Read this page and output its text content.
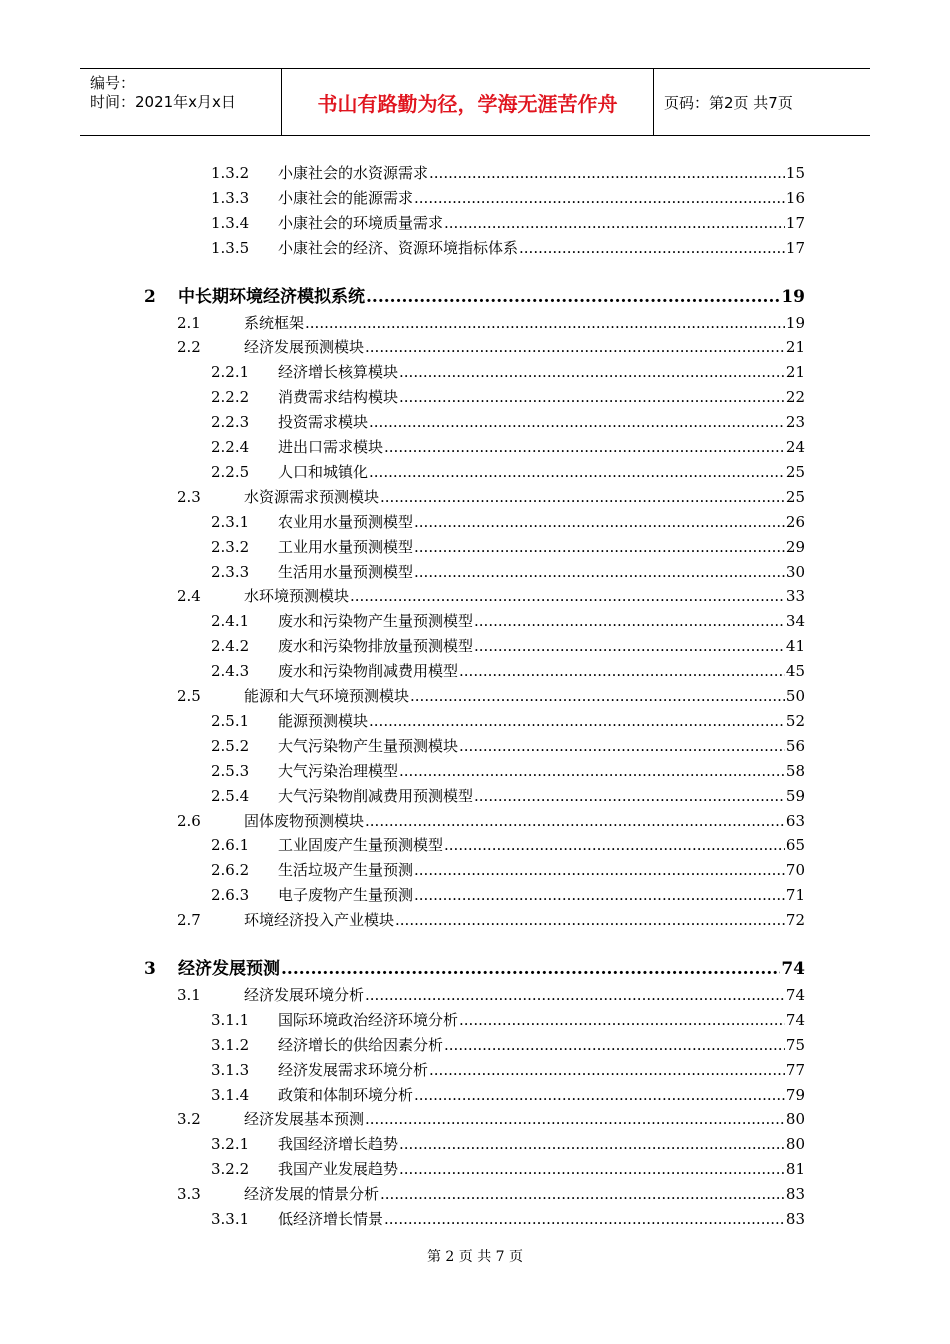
编号：
时间：2021年x月x日	书山有路勤为径，学海无涯苦作舟	页码：第2页 共7页
1.3.2 小康社会的水资源需求 .....	15
1.3.3 小康社会的能源需求 .....	16
1.3.4 小康社会的环境质量需求 .....	17
1.3.5 小康社会的经济、资源环境指标体系 .....	17
2 中长期环境经济模拟系统 .....	19
2.1	系统框架 .....	19
2.2	经济发展预测模块 .....	21
2.2.1 经济增长核算模块 .....	21
2.2.2 消费需求结构模块 .....	22
2.2.3 投资需求模块 .....	23
2.2.4 进出口需求模块 .....	24
2.2.5 人口和城镇化 .....	25
2.3	水资源需求预测模块 .....	25
2.3.1 农业用水量预测模型 .....	26
2.3.2 工业用水量预测模型 .....	29
2.3.3 生活用水量预测模型 .....	30
2.4	水环境预测模块 .....	33
2.4.1 废水和污染物产生量预测模型 .....	34
2.4.2 废水和污染物排放量预测模型 .....	41
2.4.3 废水和污染物削减费用模型 .....	45
2.5	能源和大气环境预测模块 .....	50
2.5.1 能源预测模块 .....	52
2.5.2 大气污染物产生量预测模块 .....	56
2.5.3 大气污染治理模型 .....	58
2.5.4 大气污染物削减费用预测模型 .....	59
2.6	固体废物预测模块 .....	63
2.6.1 工业固废产生量预测模型 .....	65
2.6.2 生活垃圾产生量预测 .....	70
2.6.3 电子废物产生量预测 .....	71
2.7	环境经济投入产业模块 .....	72
3 经济发展预测 .....	74
3.1	经济发展环境分析 .....	74
3.1.1 国际环境政治经济环境分析 .....	74
3.1.2 经济增长的供给因素分析 .....	75
3.1.3 经济发展需求环境分析 .....	77
3.1.4 政策和体制环境分析 .....	79
3.2	经济发展基本预测 .....	80
3.2.1 我国经济增长趋势 .....	80
3.2.2 我国产业发展趋势 .....	81
3.3	经济发展的情景分析 .....	83
3.3.1 低经济增长情景 .....	83
第 2 页 共 7 页
